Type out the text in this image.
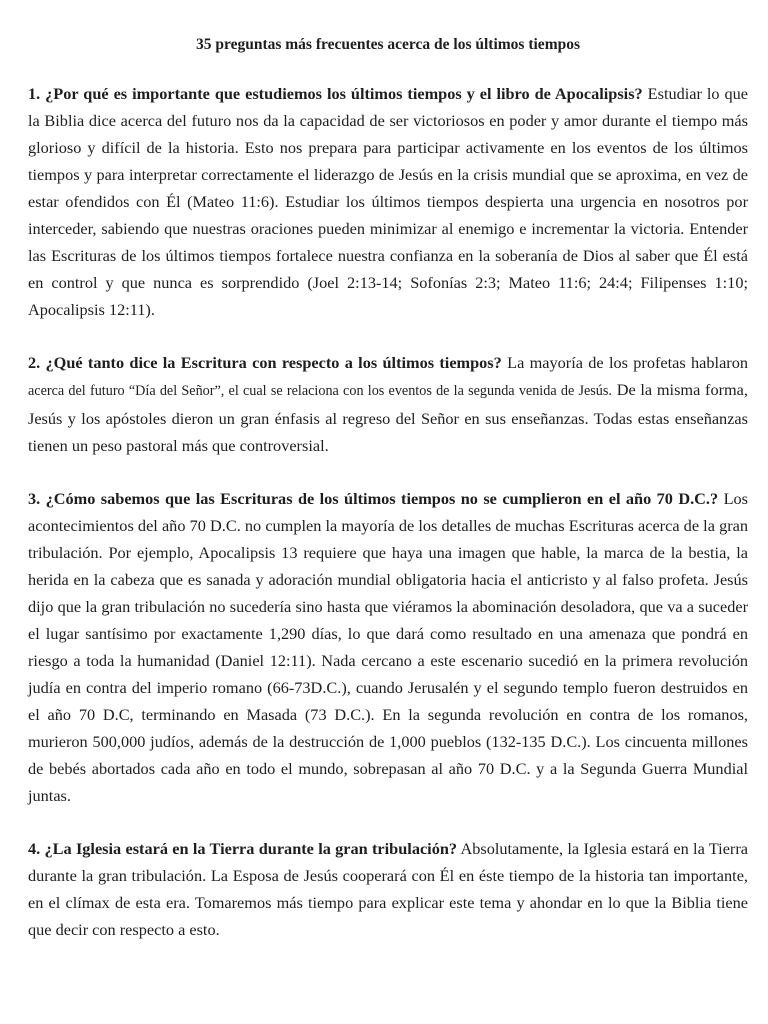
35 preguntas más frecuentes acerca de los últimos tiempos

1. ¿Por qué es importante que estudiemos los últimos tiempos y el libro de Apocalipsis? Estudiar lo que la Biblia dice acerca del futuro nos da la capacidad de ser victoriosos en poder y amor durante el tiempo más glorioso y difícil de la historia. Esto nos prepara para participar activamente en los eventos de los últimos tiempos y para interpretar correctamente el liderazgo de Jesús en la crisis mundial que se aproxima, en vez de estar ofendidos con Él (Mateo 11:6). Estudiar los últimos tiempos despierta una urgencia en nosotros por interceder, sabiendo que nuestras oraciones pueden minimizar al enemigo e incrementar la victoria. Entender las Escrituras de los últimos tiempos fortalece nuestra confianza en la soberanía de Dios al saber que Él está en control y que nunca es sorprendido (Joel 2:13-14; Sofonías 2:3; Mateo 11:6; 24:4; Filipenses 1:10; Apocalipsis 12:11).

2. ¿Qué tanto dice la Escritura con respecto a los últimos tiempos? La mayoría de los profetas hablaron acerca del futuro “Día del Señor”, el cual se relaciona con los eventos de la segunda venida de Jesús. De la misma forma, Jesús y los apóstoles dieron un gran énfasis al regreso del Señor en sus enseñanzas. Todas estas enseñanzas tienen un peso pastoral más que controversial.

3. ¿Cómo sabemos que las Escrituras de los últimos tiempos no se cumplieron en el año 70 D.C.? Los acontecimientos del año 70 D.C. no cumplen la mayoría de los detalles de muchas Escrituras acerca de la gran tribulación. Por ejemplo, Apocalipsis 13 requiere que haya una imagen que hable, la marca de la bestia, la herida en la cabeza que es sanada y adoración mundial obligatoria hacia el anticristo y al falso profeta. Jesús dijo que la gran tribulación no sucedería sino hasta que viéramos la abominación desoladora, que va a suceder el lugar santísimo por exactamente 1,290 días, lo que dará como resultado en una amenaza que pondrá en riesgo a toda la humanidad (Daniel 12:11). Nada cercano a este escenario sucedió en la primera revolución judía en contra del imperio romano (66-73D.C.), cuando Jerusalén y el segundo templo fueron destruidos en el año 70 D.C, terminando en Masada (73 D.C.). En la segunda revolución en contra de los romanos, murieron 500,000 judíos, además de la destrucción de 1,000 pueblos (132-135 D.C.). Los cincuenta millones de bebés abortados cada año en todo el mundo, sobrepasan al año 70 D.C. y a la Segunda Guerra Mundial juntas.

4. ¿La Iglesia estará en la Tierra durante la gran tribulación? Absolutamente, la Iglesia estará en la Tierra durante la gran tribulación. La Esposa de Jesús cooperará con Él en éste tiempo de la historia tan importante, en el clímax de esta era. Tomaremos más tiempo para explicar este tema y ahondar en lo que la Biblia tiene que decir con respecto a esto.
